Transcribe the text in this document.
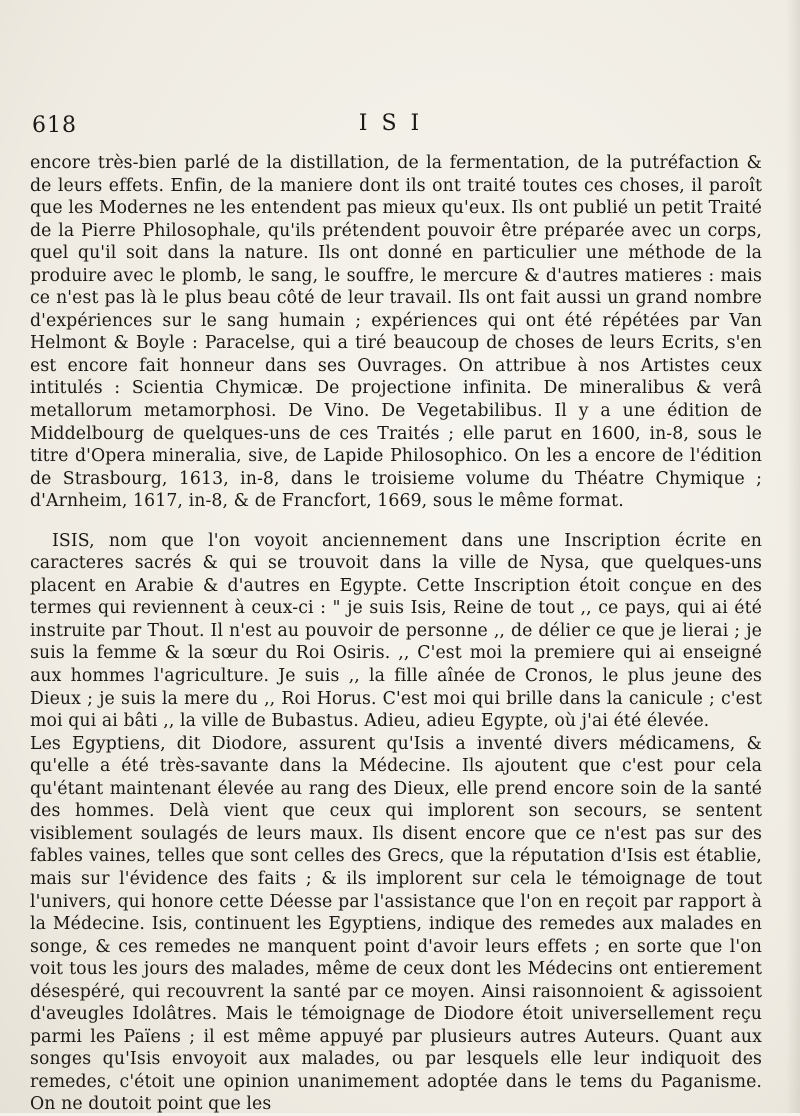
618	ISI

encore très-bien parlé de la distillation, de la fermentation, de la putréfaction & de leurs effets. Enfin, de la maniere dont ils ont traité toutes ces choses, il paroît que les Modernes ne les entendent pas mieux qu'eux. Ils ont publié un petit Traité de la Pierre Philosophale, qu'ils prétendent pouvoir être préparée avec un corps, quel qu'il soit dans la nature. Ils ont donné en particulier une méthode de la produire avec le plomb, le sang, le souffre, le mercure & d'autres matieres : mais ce n'est pas là le plus beau côté de leur travail. Ils ont fait aussi un grand nombre d'expériences sur le sang humain ; expériences qui ont été répétées par Van Helmont & Boyle : Paracelse, qui a tiré beaucoup de choses de leurs Ecrits, s'en est encore fait honneur dans ses Ouvrages. On attribue à nos Artistes ceux intitulés : Scientia Chymicæ. De projectione infinita. De mineralibus & verâ metallorum metamorphosi. De Vino. De Vegetabilibus. Il y a une édition de Middelbourg de quelques-uns de ces Traités ; elle parut en 1600, in-8, sous le titre d'Opera mineralia, sive, de Lapide Philosophico. On les a encore de l'édition de Strasbourg, 1613, in-8, dans le troisieme volume du Théatre Chymique ; d'Arnheim, 1617, in-8, & de Francfort, 1669, sous le même format.

ISIS, nom que l'on voyoit anciennement dans une Inscription écrite en caracteres sacrés & qui se trouvoit dans la ville de Nysa, que quelques-uns placent en Arabie & d'autres en Egypte. Cette Inscription étoit conçue en des termes qui reviennent à ceux-ci : " je suis Isis, Reine de tout ,, ce pays, qui ai été instruite par Thout. Il n'est au pouvoir de personne ,, de délier ce que je lierai ; je suis la femme & la sœur du Roi Osiris. ,, C'est moi la premiere qui ai enseigné aux hommes l'agriculture. Je suis ,, la fille aînée de Cronos, le plus jeune des Dieux ; je suis la mere du ,, Roi Horus. C'est moi qui brille dans la canicule ; c'est moi qui ai bâti ,, la ville de Bubastus. Adieu, adieu Egypte, où j'ai été élevée.

Les Egyptiens, dit Diodore, assurent qu'Isis a inventé divers médicamens, & qu'elle a été très-savante dans la Médecine. Ils ajoutent que c'est pour cela qu'étant maintenant élevée au rang des Dieux, elle prend encore soin de la santé des hommes. Delà vient que ceux qui implorent son secours, se sentent visiblement soulagés de leurs maux. Ils disent encore que ce n'est pas sur des fables vaines, telles que sont celles des Grecs, que la réputation d'Isis est établie, mais sur l'évidence des faits ; & ils implorent sur cela le témoignage de tout l'univers, qui honore cette Déesse par l'assistance que l'on en reçoit par rapport à la Médecine. Isis, continuent les Egyptiens, indique des remedes aux malades en songe, & ces remedes ne manquent point d'avoir leurs effets ; en sorte que l'on voit tous les jours des malades, même de ceux dont les Médecins ont entierement désespéré, qui recouvrent la santé par ce moyen. Ainsi raisonnoient & agissoient d'aveugles Idolâtres. Mais le témoignage de Diodore étoit universellement reçu parmi les Païens ; il est même appuyé par plusieurs autres Auteurs. Quant aux songes qu'Isis envoyoit aux malades, ou par lesquels elle leur indiquoit des remedes, c'étoit une opinion unanimement adoptée dans le tems du Paganisme. On ne doutoit point que les
